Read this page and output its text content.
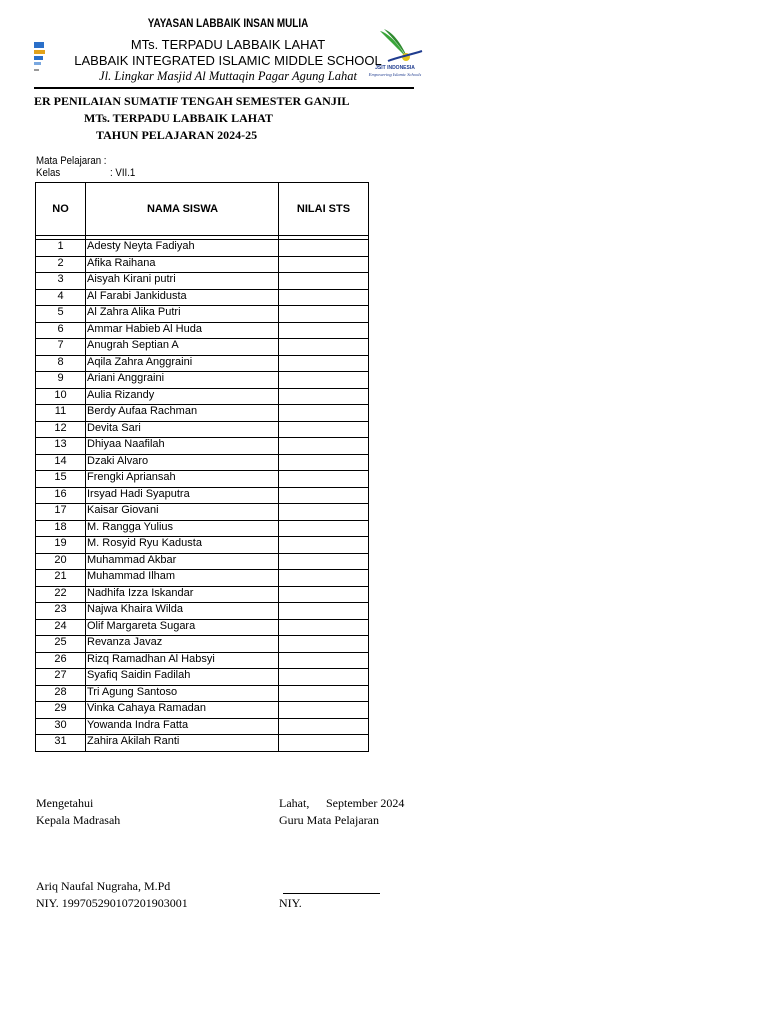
YAYASAN LABBAIK INSAN MULIA
MTs. TERPADU LABBAIK LAHAT
LABBAIK INTEGRATED ISLAMIC MIDDLE SCHOOL
Jl. Lingkar Masjid Al Muttaqin Pagar Agung Lahat
JSIT INDONESIA
Empowering Islamic Schools
ER PENILAIAN SUMATIF TENGAH SEMESTER GANJIL
MTs. TERPADU LABBAIK LAHAT
TAHUN PELAJARAN 2024-25
Mata Pelajaran :
Kelas	: VII.1
NO	NAMA SISWA	NILAI STS

1	Adesty Neyta Fadiyah	
2	Afika Raihana	
3	Aisyah Kirani putri	
4	Al Farabi Jankidusta	
5	Al Zahra Alika Putri	
6	Ammar Habieb Al Huda	
7	Anugrah Septian A	
8	Aqila Zahra Anggraini	
9	Ariani Anggraini	
10	Aulia Rizandy	
11	Berdy Aufaa Rachman	
12	Devita Sari	
13	Dhiyaa Naafilah	
14	Dzaki Alvaro	
15	Frengki Apriansah	
16	Irsyad Hadi Syaputra	
17	Kaisar Giovani	
18	M. Rangga Yulius	
19	M. Rosyid Ryu Kadusta	
20	Muhammad Akbar	
21	Muhammad Ilham	
22	Nadhifa Izza Iskandar	
23	Najwa Khaira Wilda	
24	Olif Margareta Sugara	
25	Revanza Javaz	
26	Rizq Ramadhan Al Habsyi	
27	Syafiq Saidin Fadilah	
28	Tri Agung Santoso	
29	Vinka Cahaya Ramadan	
30	Yowanda Indra Fatta	
31	Zahira Akilah Ranti	
Mengetahui
Kepala Madrasah
Ariq Naufal Nugraha, M.Pd
NIY. 199705290107201903001
Lahat, September 2024
Guru Mata Pelajaran
NIY.
